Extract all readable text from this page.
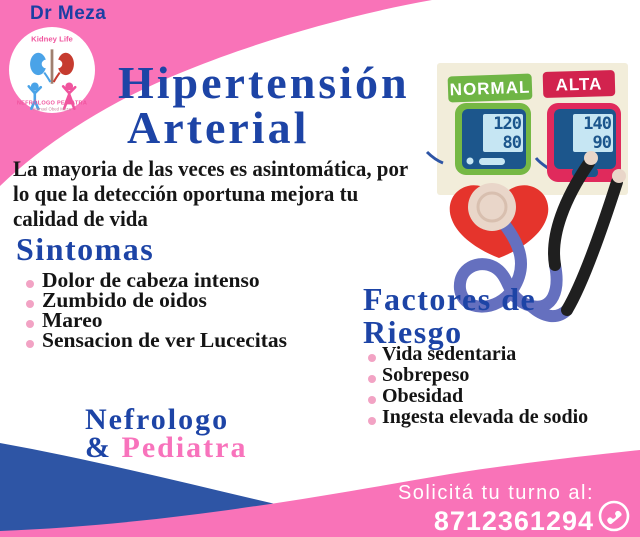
NORMAL
120
80
ALTA
140
90
Dr Meza
Kidney Life
NEFRÓLOGO PEDIATRA
Manuel Obed Meza
Hipertensión
Arterial
La mayoria de las veces es asintomática, por
lo que la detección oportuna mejora tu
calidad de vida
Sintomas
Dolor de cabeza intenso
Zumbido de oidos
Mareo
Sensacion de ver Lucecitas
Factores de
Riesgo
Vida sedentaria
Sobrepeso
Obesidad
Ingesta elevada de sodio
Nefrologo
& Pediatra
Solicitá tu turno al:
8712361294
